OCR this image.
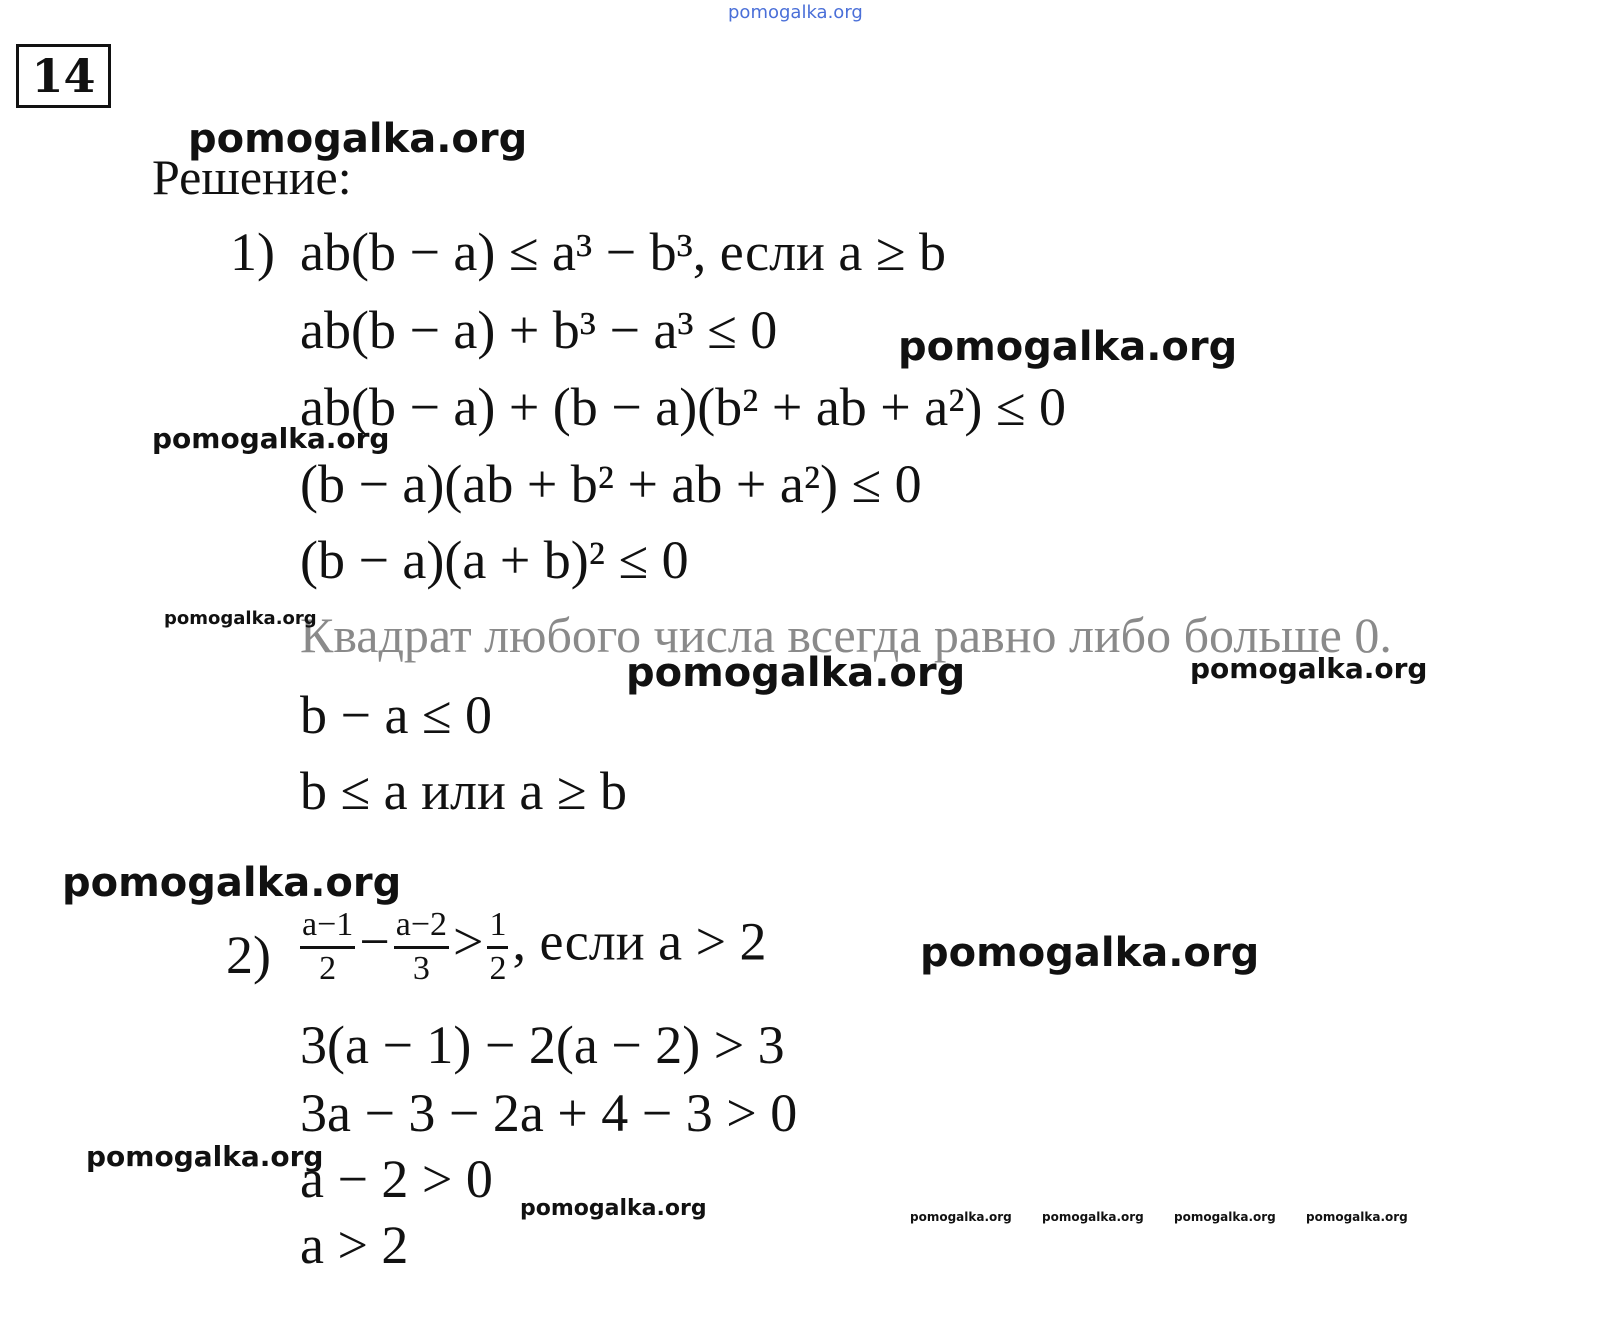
pomogalka.org
14
Решение:
1) ab(b − a) ≤ a³ − b³, если a ≥ b
ab(b − a) + b³ − a³ ≤ 0
ab(b − a) + (b − a)(b² + ab + a²) ≤ 0
(b − a)(ab + b² + ab + a²) ≤ 0
(b − a)(a + b)² ≤ 0
Квадрат любого числа всегда равно либо больше 0.
b − a ≤ 0
b ≤ a или a ≥ b
$2) \frac{a-1}{2} - \frac{a-2}{3} > \frac{1}{2}$ , если a > 2
3(a − 1) − 2(a − 2) > 3
3a − 3 − 2a + 4 − 3 > 0
a − 2 > 0
a > 2
pomogalka.org
pomogalka.org
pomogalka.org
pomogalka.org
pomogalka.org	pomogalka.org
pomogalka.org
pomogalka.org
pomogalka.org
pomogalka.org	pomogalka.org	pomogalka.org	pomogalka.org	pomogalka.org
